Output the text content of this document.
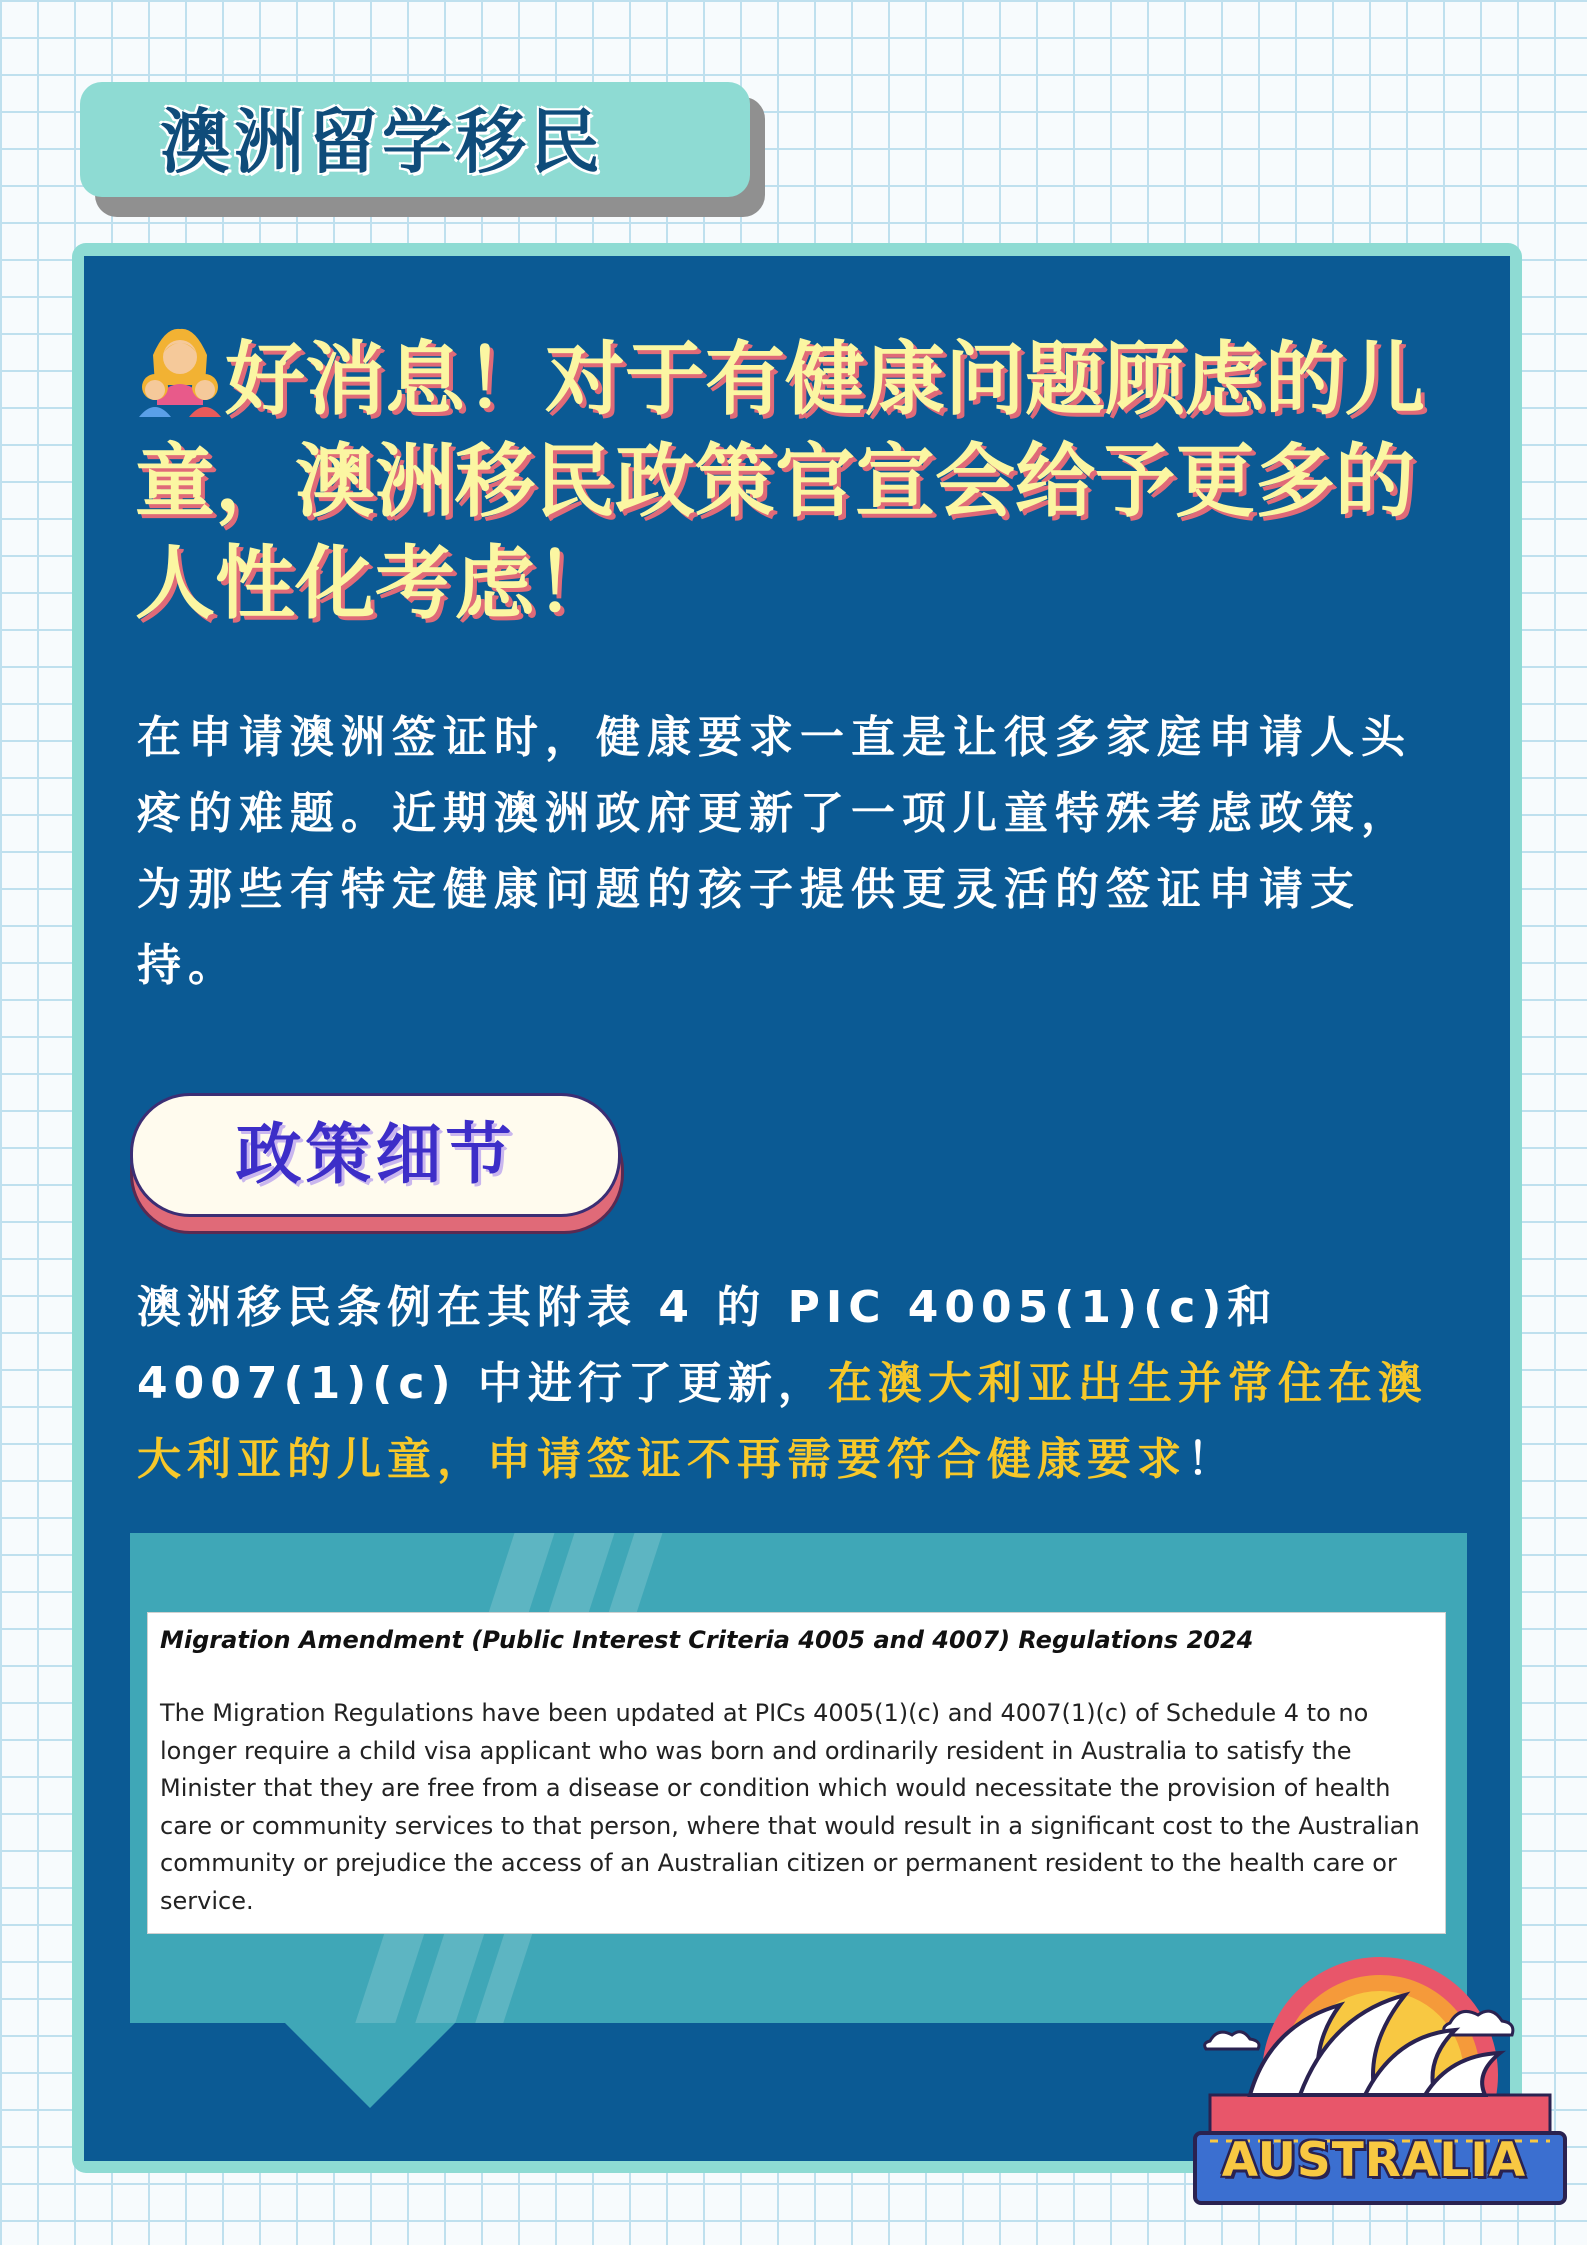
澳洲留学移民
好消息！对于有健康问题顾虑的儿童，澳洲移民政策官宣会给予更多的人性化考虑！

在申请澳洲签证时，健康要求一直是让很多家庭申请人头疼的难题。近期澳洲政府更新了一项儿童特殊考虑政策，为那些有特定健康问题的孩子提供更灵活的签证申请支持。

政策细节

澳洲移民条例在其附表 4 的 PIC 4005(1)(c)和 4007(1)(c) 中进行了更新，在澳大利亚出生并常住在澳大利亚的儿童，申请签证不再需要符合健康要求！

Migration Amendment (Public Interest Criteria 4005 and 4007) Regulations 2024

The Migration Regulations have been updated at PICs 4005(1)(c) and 4007(1)(c) of Schedule 4 to no longer require a child visa applicant who was born and ordinarily resident in Australia to satisfy the Minister that they are free from a disease or condition which would necessitate the provision of health care or community services to that person, where that would result in a significant cost to the Australian community or prejudice the access of an Australian citizen or permanent resident to the health care or service.

AUSTRALIA
